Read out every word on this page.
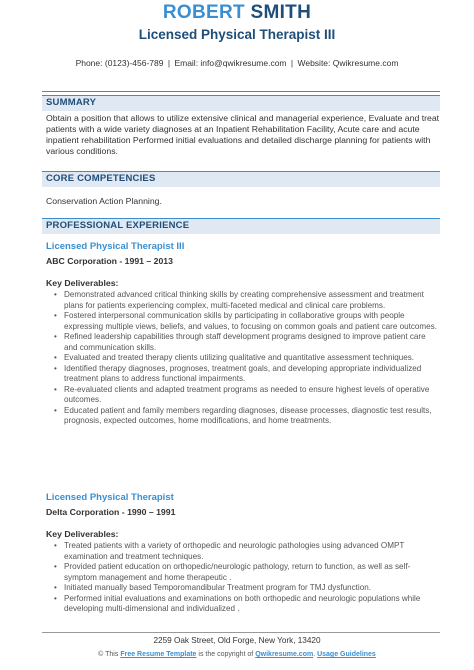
ROBERT SMITH
Licensed Physical Therapist III
Phone: (0123)-456-789 | Email: info@qwikresume.com | Website: Qwikresume.com
SUMMARY
Obtain a position that allows to utilize extensive clinical and managerial experience, Evaluate and treat patients with a wide variety diagnoses at an Inpatient Rehabilitation Facility, Acute care and acute inpatient rehabilitation Performed initial evaluations and detailed discharge planning for patients with various conditions.
CORE COMPETENCIES
Conservation Action Planning.
PROFESSIONAL EXPERIENCE
Licensed Physical Therapist III
ABC Corporation - 1991 – 2013
Key Deliverables:
• Demonstrated advanced critical thinking skills by creating comprehensive assessment and treatment plans for patients experiencing complex, multi-faceted medical and clinical care problems.
• Fostered interpersonal communication skills by participating in collaborative groups with people expressing multiple views, beliefs, and values, to focusing on common goals and patient care outcomes.
• Refined leadership capabilities through staff development programs designed to improve patient care and communication skills.
• Evaluated and treated therapy clients utilizing qualitative and quantitative assessment techniques.
• Identified therapy diagnoses, prognoses, treatment goals, and developing appropriate individualized treatment plans to address functional impairments.
• Re-evaluated clients and adapted treatment programs as needed to ensure highest levels of operative outcomes.
• Educated patient and family members regarding diagnoses, disease processes, diagnostic test results, prognosis, expected outcomes, home modifications, and home treatments.
Licensed Physical Therapist
Delta Corporation - 1990 – 1991
Key Deliverables:
• Treated patients with a variety of orthopedic and neurologic pathologies using advanced OMPT examination and treatment techniques.
• Provided patient education on orthopedic/neurologic pathology, return to function, as well as self-symptom management and home therapeutic .
• Initiated manually based Temporomandibular Treatment program for TMJ dysfunction.
• Performed initial evaluations and examinations on both orthopedic and neurologic populations while developing multi-dimensional and individualized .
2259 Oak Street, Old Forge, New York, 13420
© This Free Resume Template is the copyright of Qwikresume.com. Usage Guidelines
